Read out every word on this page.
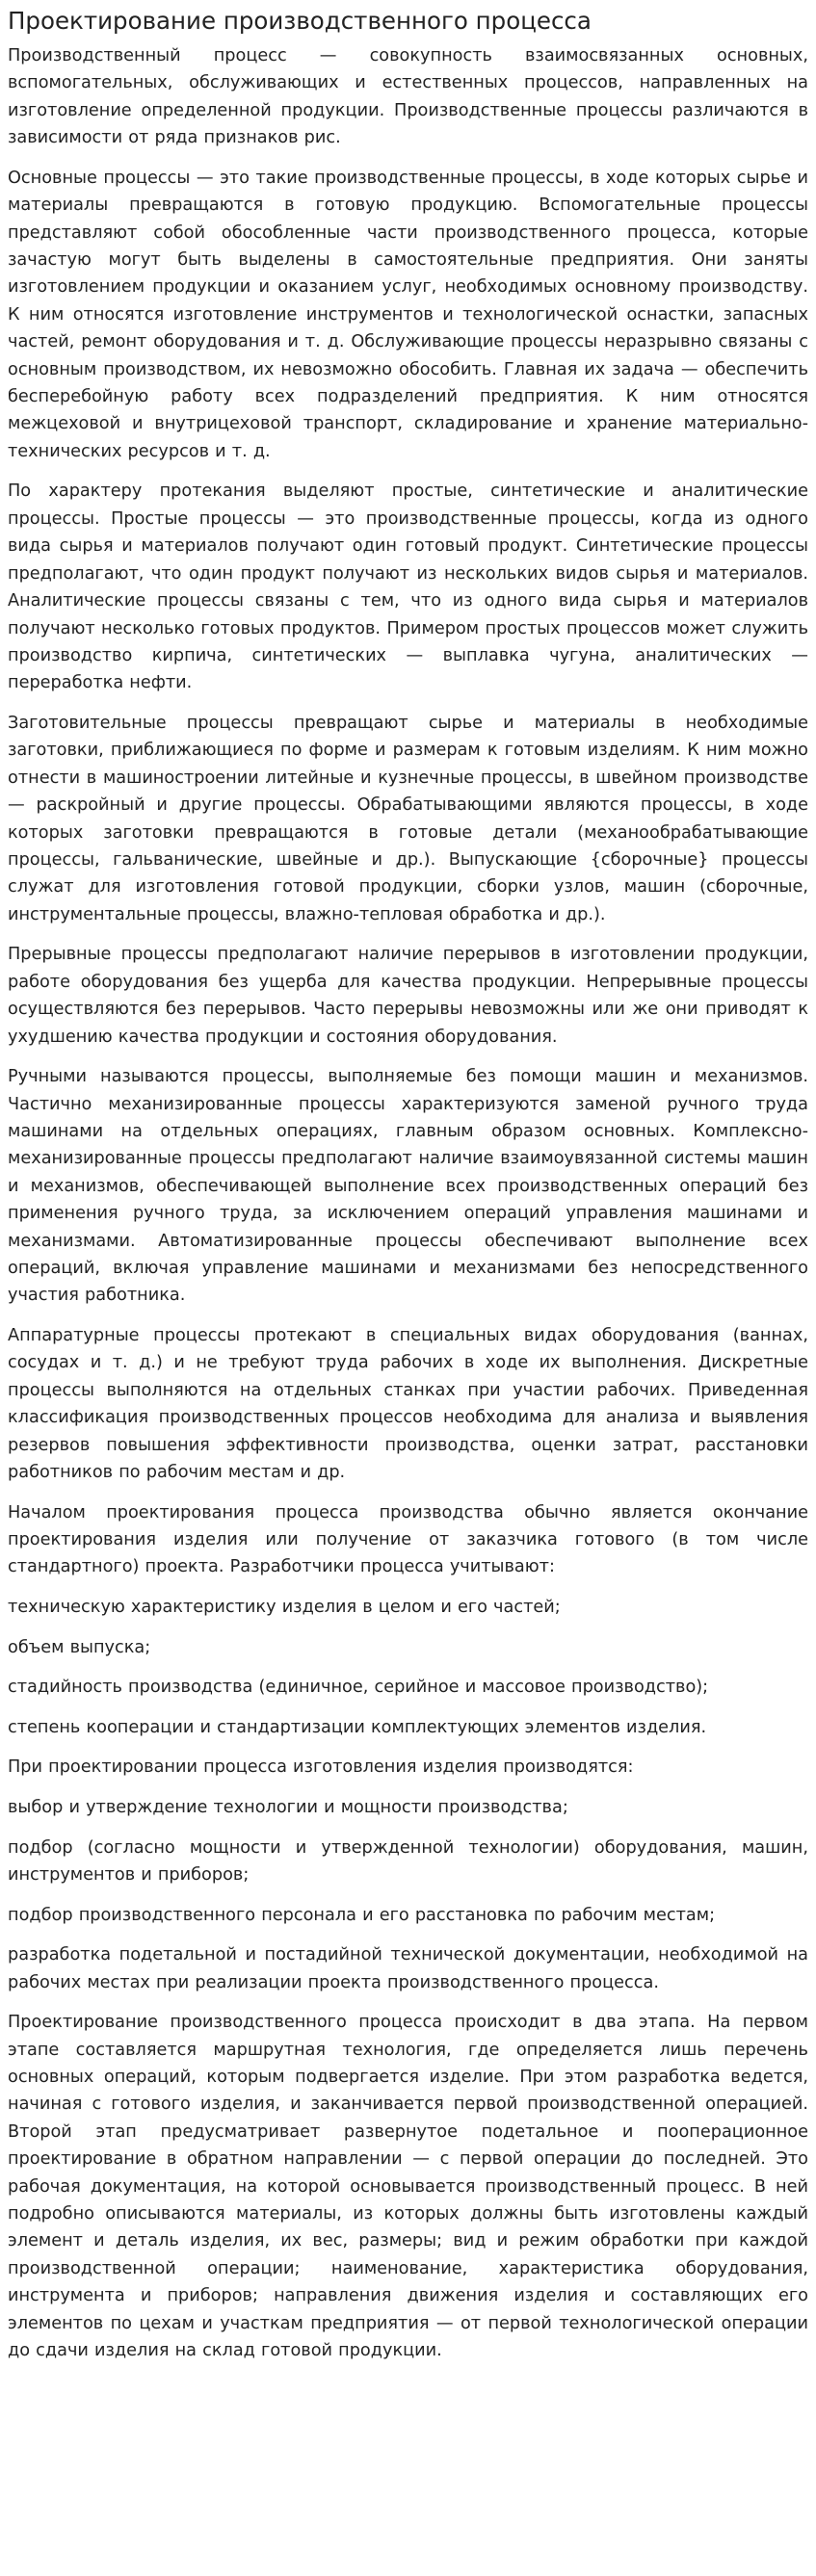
Проектирование производственного процесса

Производственный процесс — совокупность взаимосвязанных основных, вспомогательных, обслуживающих и естественных процессов, направленных на изготовление определенной продукции. Производственные процессы различаются в зависимости от ряда признаков рис.

Основные процессы — это такие производственные процессы, в ходе которых сырье и материалы превращаются в готовую продукцию. Вспомогательные процессы представляют собой обособленные части производственного процесса, которые зачастую могут быть выделены в самостоятельные предприятия. Они заняты изготовлением продукции и оказанием услуг, необходимых основному производству. К ним относятся изготовление инструментов и технологической оснастки, запасных частей, ремонт оборудования и т. д. Обслуживающие процессы неразрывно связаны с основным производством, их невозможно обособить. Главная их задача — обеспечить бесперебойную работу всех подразделений предприятия. К ним относятся межцеховой и внутрицеховой транспорт, складирование и хранение материально-технических ресурсов и т. д.

По характеру протекания выделяют простые, синтетические и аналитические процессы. Простые процессы — это производственные процессы, когда из одного вида сырья и материалов получают один готовый продукт. Синтетические процессы предполагают, что один продукт получают из нескольких видов сырья и материалов. Аналитические процессы связаны с тем, что из одного вида сырья и материалов получают несколько готовых продуктов. Примером простых процессов может служить производство кирпича, синтетических — выплавка чугуна, аналитических — переработка нефти.

Заготовительные процессы превращают сырье и материалы в необходимые заготовки, приближающиеся по форме и размерам к готовым изделиям. К ним можно отнести в машиностроении литейные и кузнечные процессы, в швейном производстве — раскройный и другие процессы. Обрабатывающими являются процессы, в ходе которых заготовки превращаются в готовые детали (механообрабатывающие процессы, гальванические, швейные и др.). Выпускающие {сборочные} процессы служат для изготовления готовой продукции, сборки узлов, машин (сборочные, инструментальные процессы, влажно-тепловая обработка и др.).

Прерывные процессы предполагают наличие перерывов в изготовлении продукции, работе оборудования без ущерба для качества продукции. Непрерывные процессы осуществляются без перерывов. Часто перерывы невозможны или же они приводят к ухудшению качества продукции и состояния оборудования.

Ручными называются процессы, выполняемые без помощи машин и механизмов. Частично механизированные процессы характеризуются заменой ручного труда машинами на отдельных операциях, главным образом основных. Комплексно-механизированные процессы предполагают наличие взаимоувязанной системы машин и механизмов, обеспечивающей выполнение всех производственных операций без применения ручного труда, за исключением операций управления машинами и механизмами. Автоматизированные процессы обеспечивают выполнение всех операций, включая управление машинами и механизмами без непосредственного участия работника.

Аппаратурные процессы протекают в специальных видах оборудования (ваннах, сосудах и т. д.) и не требуют труда рабочих в ходе их выполнения. Дискретные процессы выполняются на отдельных станках при участии рабочих. Приведенная классификация производственных процессов необходима для анализа и выявления резервов повышения эффективности производства, оценки затрат, расстановки работников по рабочим местам и др.

Началом проектирования процесса производства обычно является окончание проектирования изделия или получение от заказчика готового (в том числе стандартного) проекта. Разработчики процесса учитывают:

техническую характеристику изделия в целом и его частей;

объем выпуска;

стадийность производства (единичное, серийное и массовое производство);

степень кооперации и стандартизации комплектующих элементов изделия.

При проектировании процесса изготовления изделия производятся:

выбор и утверждение технологии и мощности производства;

подбор (согласно мощности и утвержденной технологии) оборудования, машин, инструментов и приборов;

подбор производственного персонала и его расстановка по рабочим местам;

разработка подетальной и постадийной технической документации, необходимой на рабочих местах при реализации проекта производственного процесса.

Проектирование производственного процесса происходит в два этапа. На первом этапе составляется маршрутная технология, где определяется лишь перечень основных операций, которым подвергается изделие. При этом разработка ведется, начиная с готового изделия, и заканчивается первой производственной операцией. Второй этап предусматривает развернутое подетальное и пооперационное проектирование в обратном направлении — с первой операции до последней. Это рабочая документация, на которой основывается производственный процесс. В ней подробно описываются материалы, из которых должны быть изготовлены каждый элемент и деталь изделия, их вес, размеры; вид и режим обработки при каждой производственной операции; наименование, характеристика оборудования, инструмента и приборов; направления движения изделия и составляющих его элементов по цехам и участкам предприятия — от первой технологической операции до сдачи изделия на склад готовой продукции.
